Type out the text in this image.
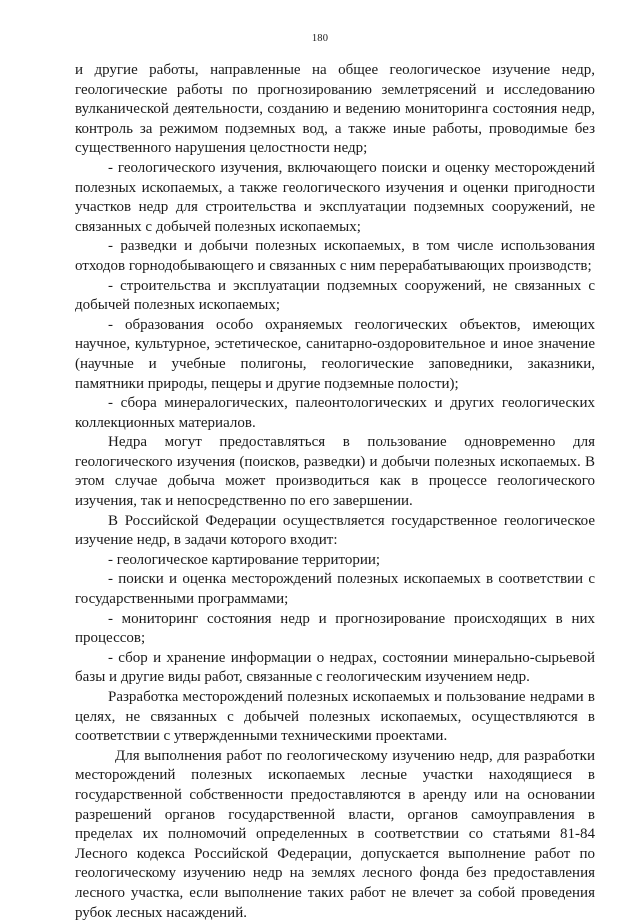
180

и другие работы, направленные на общее геологическое изучение недр, геологические работы по прогнозированию землетрясений и исследованию вулканической деятельности, созданию и ведению мониторинга состояния недр, контроль за режимом подземных вод, а также иные работы, проводимые без существенного нарушения целостности недр;

- геологического изучения, включающего поиски и оценку месторождений полезных ископаемых, а также геологического изучения и оценки пригодности участков недр для строительства и эксплуатации подземных сооружений, не связанных с добычей полезных ископаемых;

- разведки и добычи полезных ископаемых, в том числе использования отходов горнодобывающего и связанных с ним перерабатывающих производств;

- строительства и эксплуатации подземных сооружений, не связанных с добычей полезных ископаемых;

- образования особо охраняемых геологических объектов, имеющих научное, культурное, эстетическое, санитарно-оздоровительное и иное значение (научные и учебные полигоны, геологические заповедники, заказники, памятники природы, пещеры и другие подземные полости);

- сбора минералогических, палеонтологических и других геологических коллекционных материалов.

Недра могут предоставляться в пользование одновременно для геологического изучения (поисков, разведки) и добычи полезных ископаемых. В этом случае добыча может производиться как в процессе геологического изучения, так и непосредственно по его завершении.

В Российской Федерации осуществляется государственное геологическое изучение недр, в задачи которого входит:

- геологическое картирование территории;

- поиски и оценка месторождений полезных ископаемых в соответствии с государственными программами;

- мониторинг состояния недр и прогнозирование происходящих в них процессов;

- сбор и хранение информации о недрах, состоянии минерально-сырьевой базы и другие виды работ, связанные с геологическим изучением недр.

Разработка месторождений полезных ископаемых и пользование недрами в целях, не связанных с добычей полезных ископаемых, осуществляются в соответствии с утвержденными техническими проектами.

Для выполнения работ по геологическому изучению недр, для разработки месторождений полезных ископаемых лесные участки находящиеся в государственной собственности предоставляются в аренду или на основании разрешений органов государственной власти, органов самоуправления в пределах их полномочий определенных в соответствии со статьями 81-84 Лесного кодекса Российской Федерации, допускается выполнение работ по геологическому изучению недр на землях лесного фонда без предоставления лесного участка, если выполнение таких работ не влечет за собой проведения рубок лесных насаждений.
